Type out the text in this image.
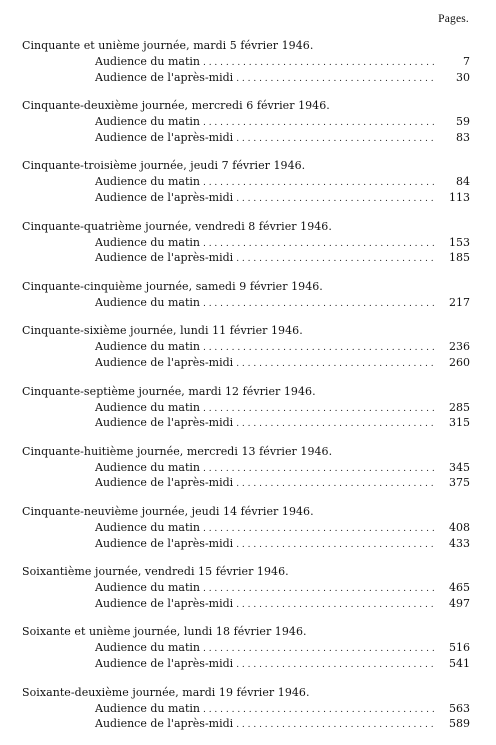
Pages.
Cinquante et unième journée, mardi 5 février 1946.
Audience du matin . . .	7
Audience de l'après-midi . . .	30
Cinquante-deuxième journée, mercredi 6 février 1946.
Audience du matin . . .	59
Audience de l'après-midi . . .	83
Cinquante-troisième journée, jeudi 7 février 1946.
Audience du matin . . .	84
Audience de l'après-midi . . .	113
Cinquante-quatrième journée, vendredi 8 février 1946.
Audience du matin . . .	153
Audience de l'après-midi . . .	185
Cinquante-cinquième journée, samedi 9 février 1946.
Audience du matin . . .	217
Cinquante-sixième journée, lundi 11 février 1946.
Audience du matin . . .	236
Audience de l'après-midi . . .	260
Cinquante-septième journée, mardi 12 février 1946.
Audience du matin . . .	285
Audience de l'après-midi . . .	315
Cinquante-huitième journée, mercredi 13 février 1946.
Audience du matin . . .	345
Audience de l'après-midi . . .	375
Cinquante-neuvième journée, jeudi 14 février 1946.
Audience du matin . . .	408
Audience de l'après-midi . . .	433
Soixantième journée, vendredi 15 février 1946.
Audience du matin . . .	465
Audience de l'après-midi . . .	497
Soixante et unième journée, lundi 18 février 1946.
Audience du matin . . .	516
Audience de l'après-midi . . .	541
Soixante-deuxième journée, mardi 19 février 1946.
Audience du matin . . .	563
Audience de l'après-midi . . .	589
